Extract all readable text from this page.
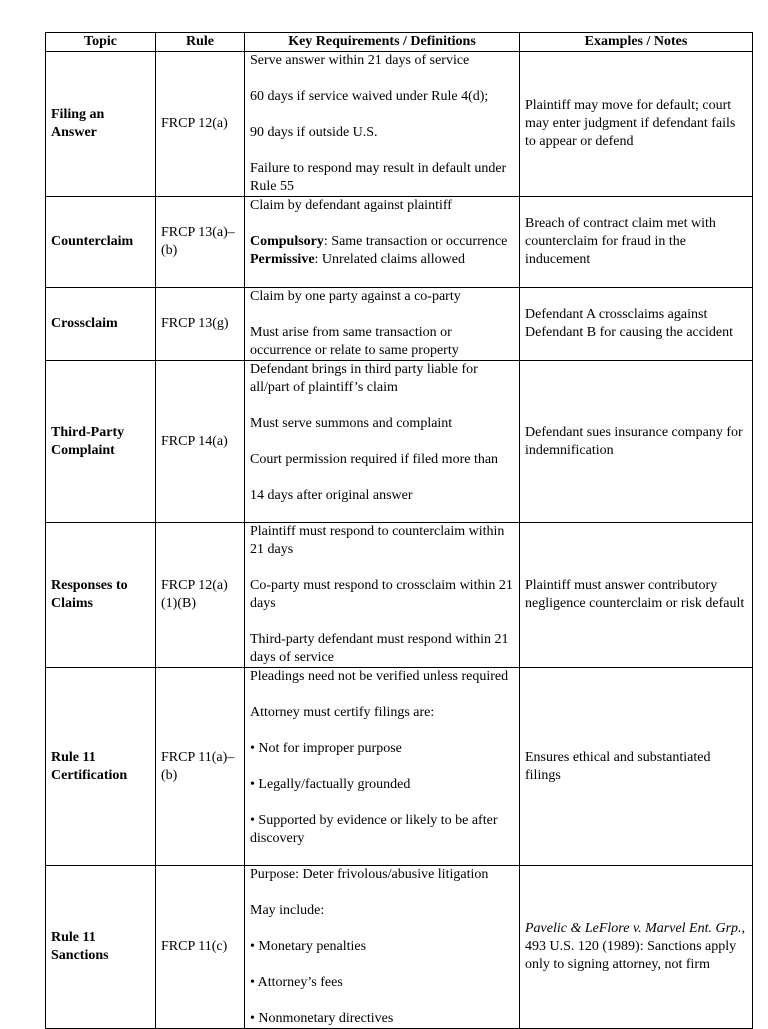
Topic	Rule	Key Requirements / Definitions	Examples / Notes
Filing an Answer	FRCP 12(a)	Serve answer within 21 days of service

60 days if service waived under Rule 4(d);

90 days if outside U.S.

Failure to respond may result in default under Rule 55	Plaintiff may move for default; court may enter judgment if defendant fails to appear or defend
Counterclaim	FRCP 13(a)–(b)	Claim by defendant against plaintiff

Compulsory: Same transaction or occurrence Permissive: Unrelated claims allowed	Breach of contract claim met with counterclaim for fraud in the inducement
Crossclaim	FRCP 13(g)	Claim by one party against a co-party

Must arise from same transaction or occurrence or relate to same property	Defendant A crossclaims against Defendant B for causing the accident
Third-Party Complaint	FRCP 14(a)	Defendant brings in third party liable for all/part of plaintiff’s claim

Must serve summons and complaint

Court permission required if filed more than

14 days after original answer	Defendant sues insurance company for indemnification
Responses to Claims	FRCP 12(a)(1)(B)	Plaintiff must respond to counterclaim within 21 days

Co-party must respond to crossclaim within 21 days

Third-party defendant must respond within 21 days of service	Plaintiff must answer contributory negligence counterclaim or risk default
Rule 11 Certification	FRCP 11(a)–(b)	Pleadings need not be verified unless required

Attorney must certify filings are:

• Not for improper purpose

• Legally/factually grounded

• Supported by evidence or likely to be after discovery	Ensures ethical and substantiated filings
Rule 11 Sanctions	FRCP 11(c)	Purpose: Deter frivolous/abusive litigation

May include:

• Monetary penalties

• Attorney’s fees

• Nonmonetary directives	Pavelic & LeFlore v. Marvel Ent. Grp., 493 U.S. 120 (1989): Sanctions apply only to signing attorney, not firm
